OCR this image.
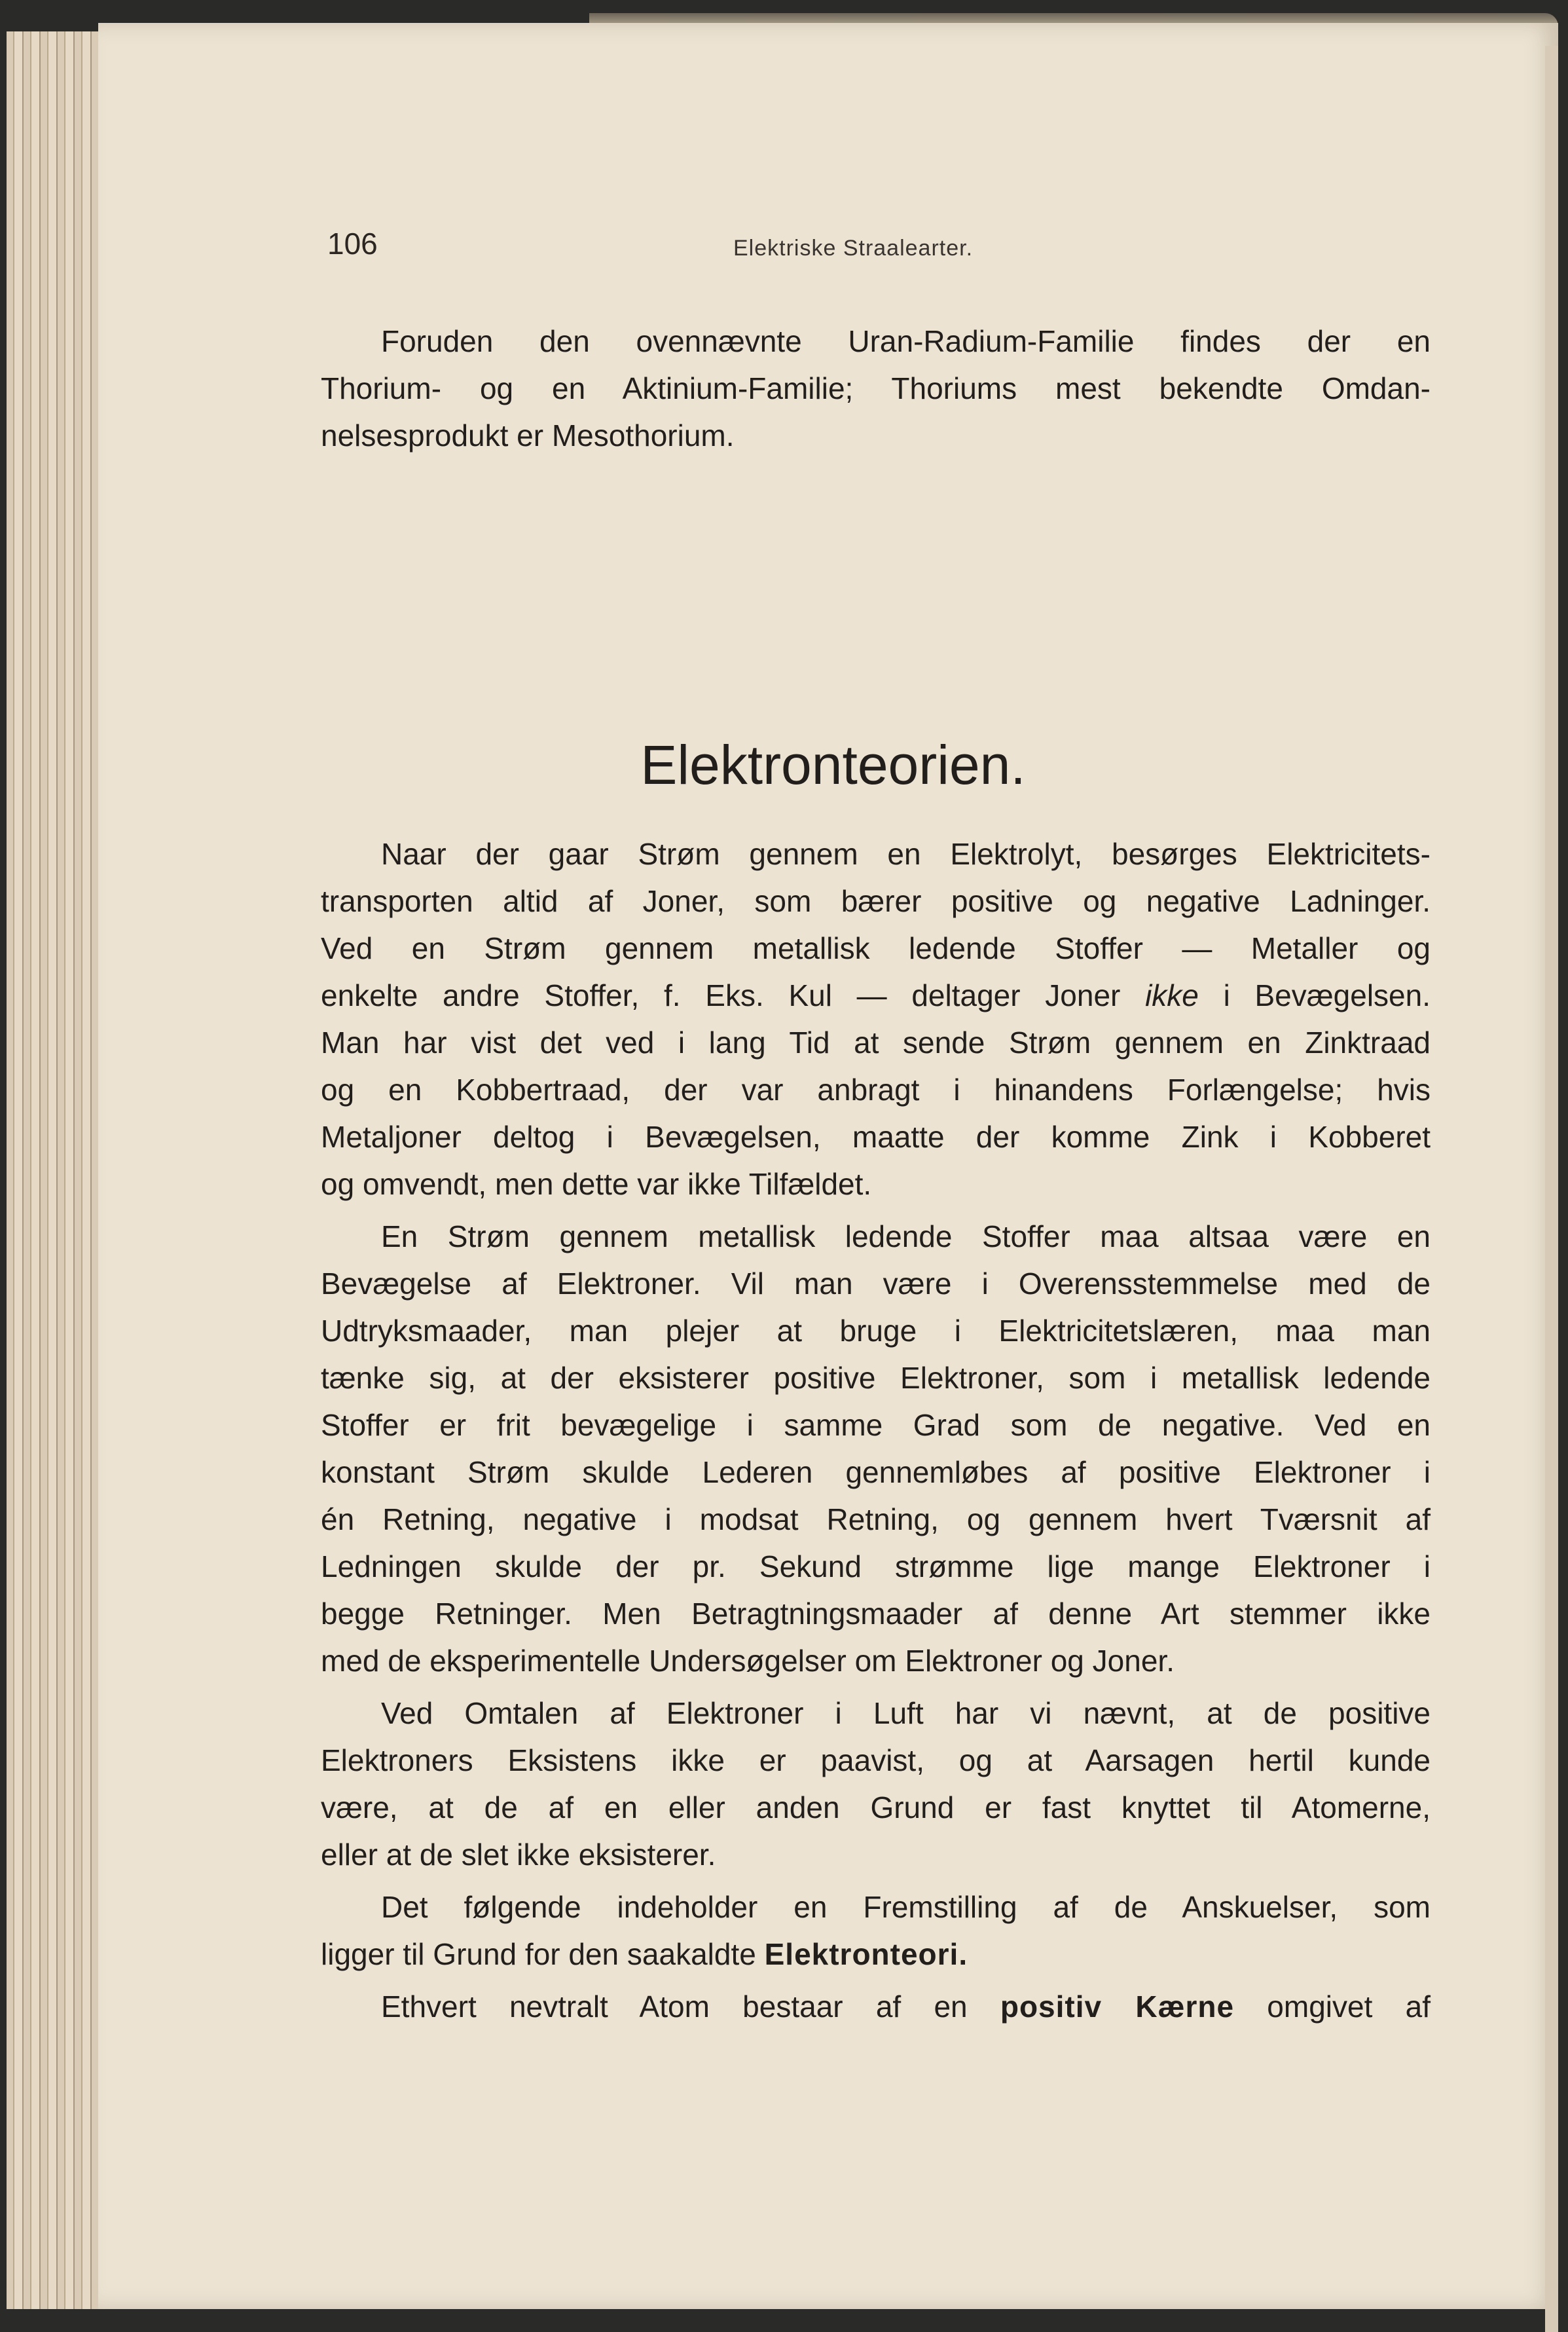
106	Elektriske Straalearter.
Foruden den ovennævnte Uran-Radium-Familie findes der en
Thorium- og en Aktinium-Familie; Thoriums mest bekendte Omdan-
nelsesprodukt er Mesothorium.
Elektronteorien.
Naar der gaar Strøm gennem en Elektrolyt, besørges Elektricitets-
transporten altid af Joner, som bærer positive og negative Ladninger.
Ved en Strøm gennem metallisk ledende Stoffer — Metaller og
enkelte andre Stoffer, f. Eks. Kul — deltager Joner ikke i Bevægelsen.
Man har vist det ved i lang Tid at sende Strøm gennem en Zinktraad
og en Kobbertraad, der var anbragt i hinandens Forlængelse; hvis
Metaljoner deltog i Bevægelsen, maatte der komme Zink i Kobberet
og omvendt, men dette var ikke Tilfældet.
En Strøm gennem metallisk ledende Stoffer maa altsaa være en
Bevægelse af Elektroner. Vil man være i Overensstemmelse med de
Udtryksmaader, man plejer at bruge i Elektricitetslæren, maa man
tænke sig, at der eksisterer positive Elektroner, som i metallisk ledende
Stoffer er frit bevægelige i samme Grad som de negative. Ved en
konstant Strøm skulde Lederen gennemløbes af positive Elektroner i
én Retning, negative i modsat Retning, og gennem hvert Tværsnit af
Ledningen skulde der pr. Sekund strømme lige mange Elektroner i
begge Retninger. Men Betragtningsmaader af denne Art stemmer ikke
med de eksperimentelle Undersøgelser om Elektroner og Joner.
Ved Omtalen af Elektroner i Luft har vi nævnt, at de positive
Elektroners Eksistens ikke er paavist, og at Aarsagen hertil kunde
være, at de af en eller anden Grund er fast knyttet til Atomerne,
eller at de slet ikke eksisterer.
Det følgende indeholder en Fremstilling af de Anskuelser, som
ligger til Grund for den saakaldte Elektronteori.
Ethvert nevtralt Atom bestaar af en positiv Kærne omgivet af
